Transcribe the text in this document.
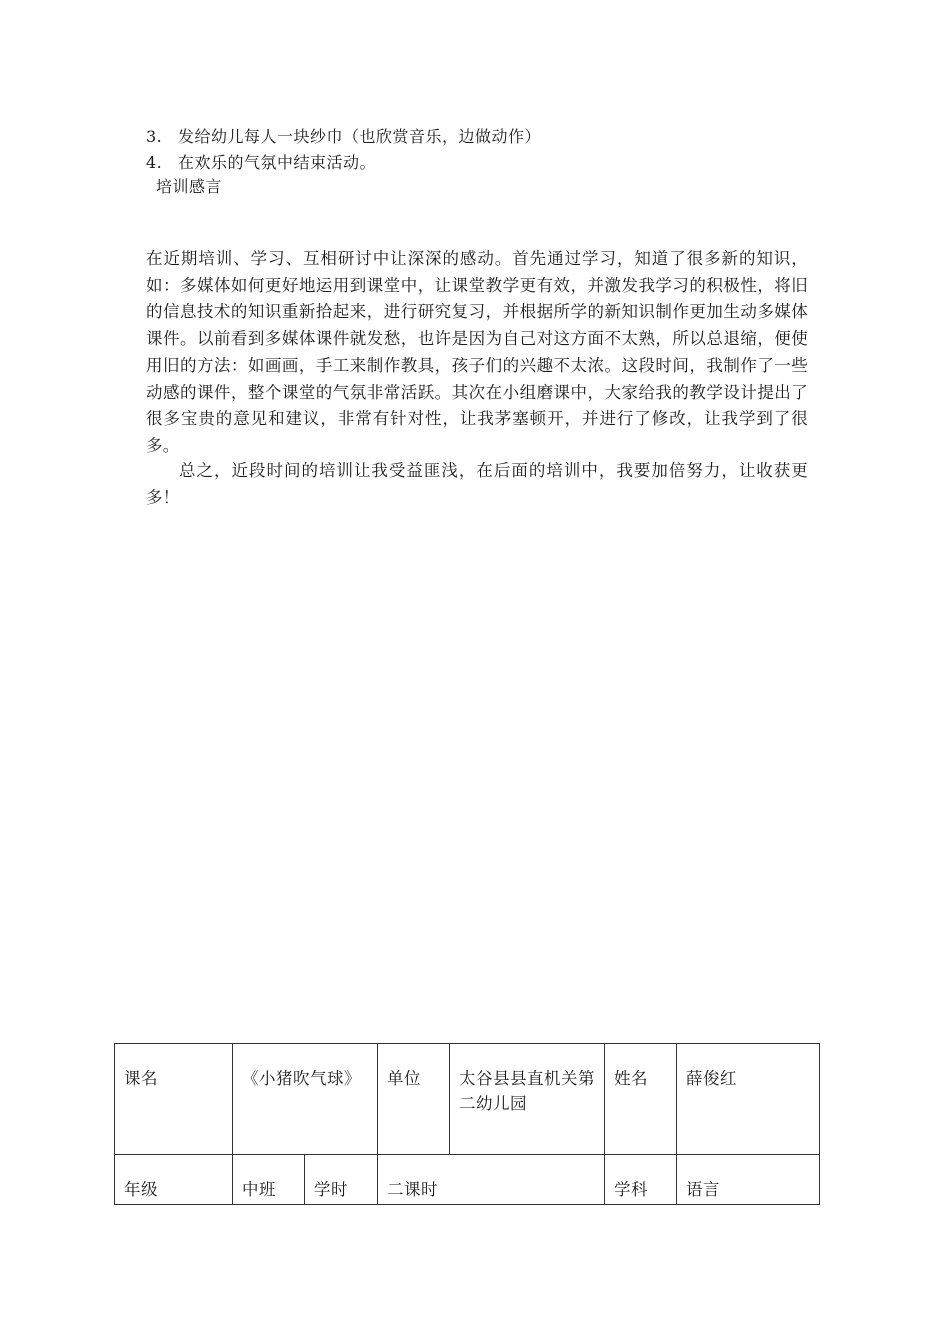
3. 发给幼儿每人一块纱巾（也欣赏音乐，边做动作）
4. 在欢乐的气氛中结束活动。
培训感言

在近期培训、学习、互相研讨中让深深的感动。首先通过学习，知道了很多新的知识，如：多媒体如何更好地运用到课堂中，让课堂教学更有效，并激发我学习的积极性，将旧的信息技术的知识重新拾起来，进行研究复习，并根据所学的新知识制作更加生动多媒体课件。以前看到多媒体课件就发愁，也许是因为自己对这方面不太熟，所以总退缩，便使用旧的方法：如画画，手工来制作教具，孩子们的兴趣不太浓。这段时间，我制作了一些动感的课件，整个课堂的气氛非常活跃。其次在小组磨课中，大家给我的教学设计提出了很多宝贵的意见和建议，非常有针对性，让我茅塞顿开，并进行了修改，让我学到了很多。

总之，近段时间的培训让我受益匪浅，在后面的培训中，我要加倍努力，让收获更多！

课名	《小猪吹气球》		单位	太谷县县直机关第二幼儿园	姓名	薛俊红
年级	中班	学时	二课时		学科	语言
